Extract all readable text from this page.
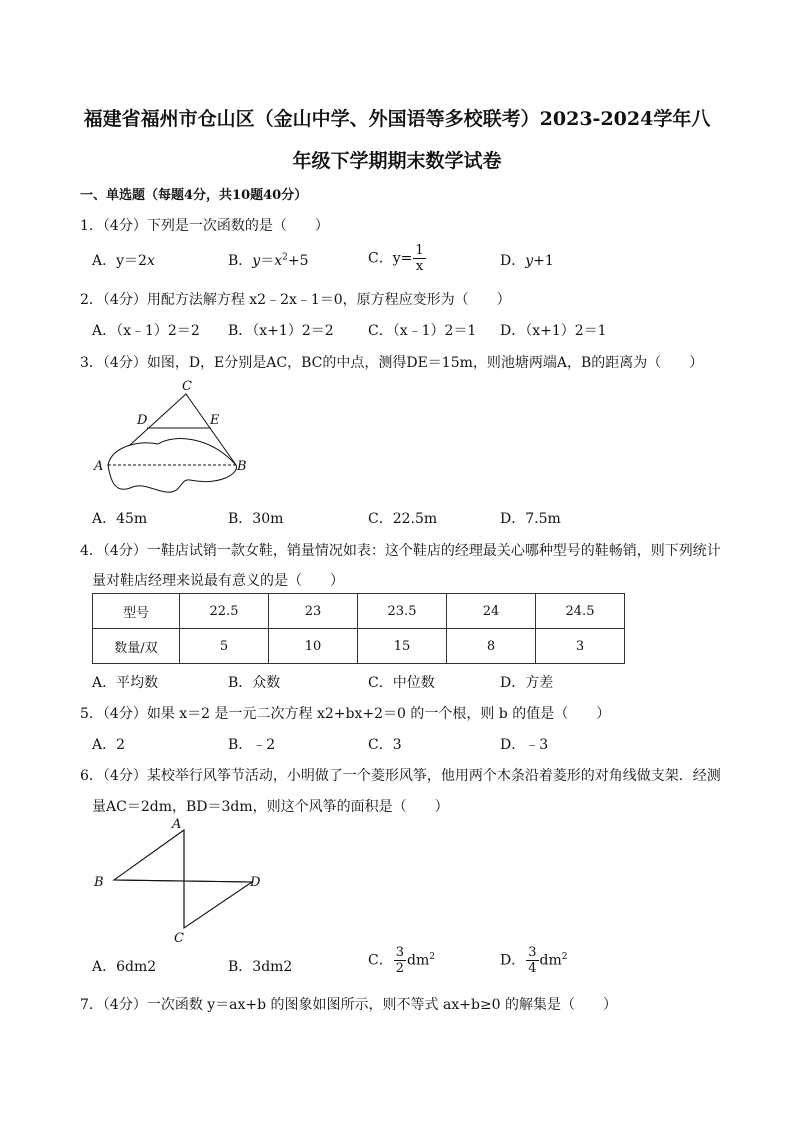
福建省福州市仓山区（金山中学、外国语等多校联考）2023-2024学年八
年级下学期期末数学试卷
一、单选题（每题4分，共10题40分）
1．（4分）下列是一次函数的是（　　）
A．y＝2x	B．$y=x^2+5$	C．$y= \frac{1}{x}$	D．y+1
2．（4分）用配方法解方程 x2﹣2x﹣1＝0，原方程应变形为（　　）
A．（x﹣1）2＝2 B．（x+1）2＝2 C．（x﹣1）2＝1 D．（x+1）2＝1
3．（4分）如图，D，E分别是AC，BC的中点，测得DE＝15m，则池塘两端A，B的距离为（　　）
C
D	E
A	B
A．45m	B．30m	C．22.5m	D．7.5m
4．（4分）一鞋店试销一款女鞋，销量情况如表：这个鞋店的经理最关心哪种型号的鞋畅销，则下列统计
量对鞋店经理来说最有意义的是（　　）
型号	22.5	23	23.5	24	24.5
数量/双	5	10	15	8	3
A．平均数	B．众数	C．中位数	D．方差
5．（4分）如果 x＝2 是一元二次方程 x2+bx+2＝0 的一个根，则 b 的值是（　　）
A．2	B．﹣2	C．3	D．﹣3
6．（4分）某校举行风筝节活动，小明做了一个菱形风筝，他用两个木条沿着菱形的对角线做支架．经测
量AC＝2dm，BD＝3dm，则这个风筝的面积是（　　）
A
B
C
D
A．6dm2	B．3dm2	C． $\frac{3}{2} dm^2$	D． $\frac{3}{4} dm^2$
7．（4分）一次函数 y＝ax+b 的图象如图所示，则不等式 ax+b≥0 的解集是（　　）
